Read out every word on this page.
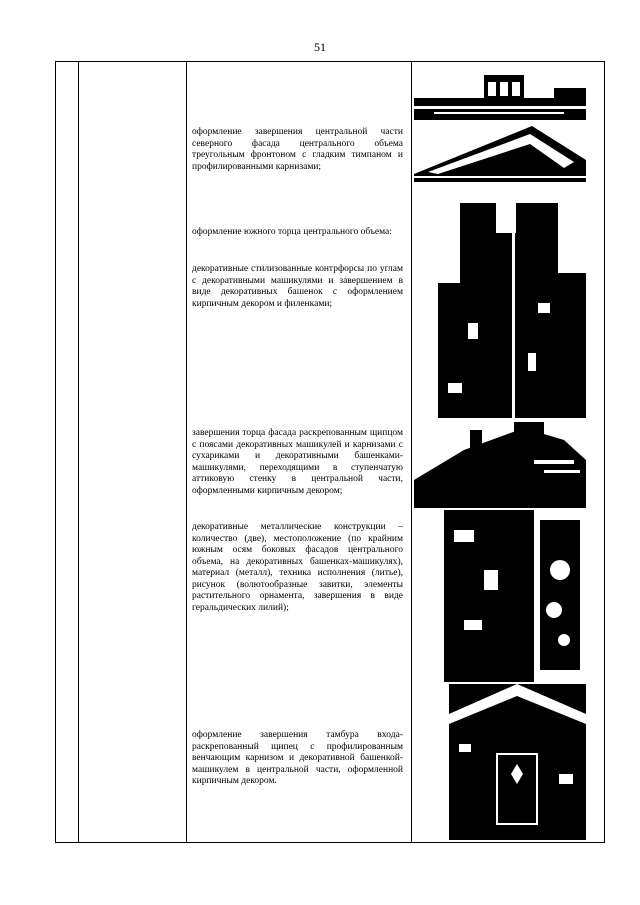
51
оформление завершения центральной части северного фасада центрального объема треугольным фронтоном с гладким тимпаном и профилированными карнизами;
оформление южного торца центрального объема:
декоративные стилизованные контрфорсы по углам с декоративными машикулями и завершением в виде декоративных башенок с оформлением кирпичным декором и филенками;
завершения торца фасада раскрепованным щипцом с поясами декоративных машикулей и карнизами с сухариками и декоративными башенками-машикулями, переходящими в ступенчатую аттиковую стенку в центральной части, оформленными кирпичным декором;
декоративные металлические конструкции – количество (две), местоположение (по крайним южным осям боковых фасадов центрального объема, на декоративных башенках-машикулях), материал (металл), техника исполнения (литье), рисунок (волютообразные завитки, элементы растительного орнамента, завершения в виде геральдических лилий);
оформление завершения тамбура входа-раскрепованный щипец с профилированным венчающим карнизом и декоративной башенкой-машикулем в центральной части, оформленной кирпичным декором.
